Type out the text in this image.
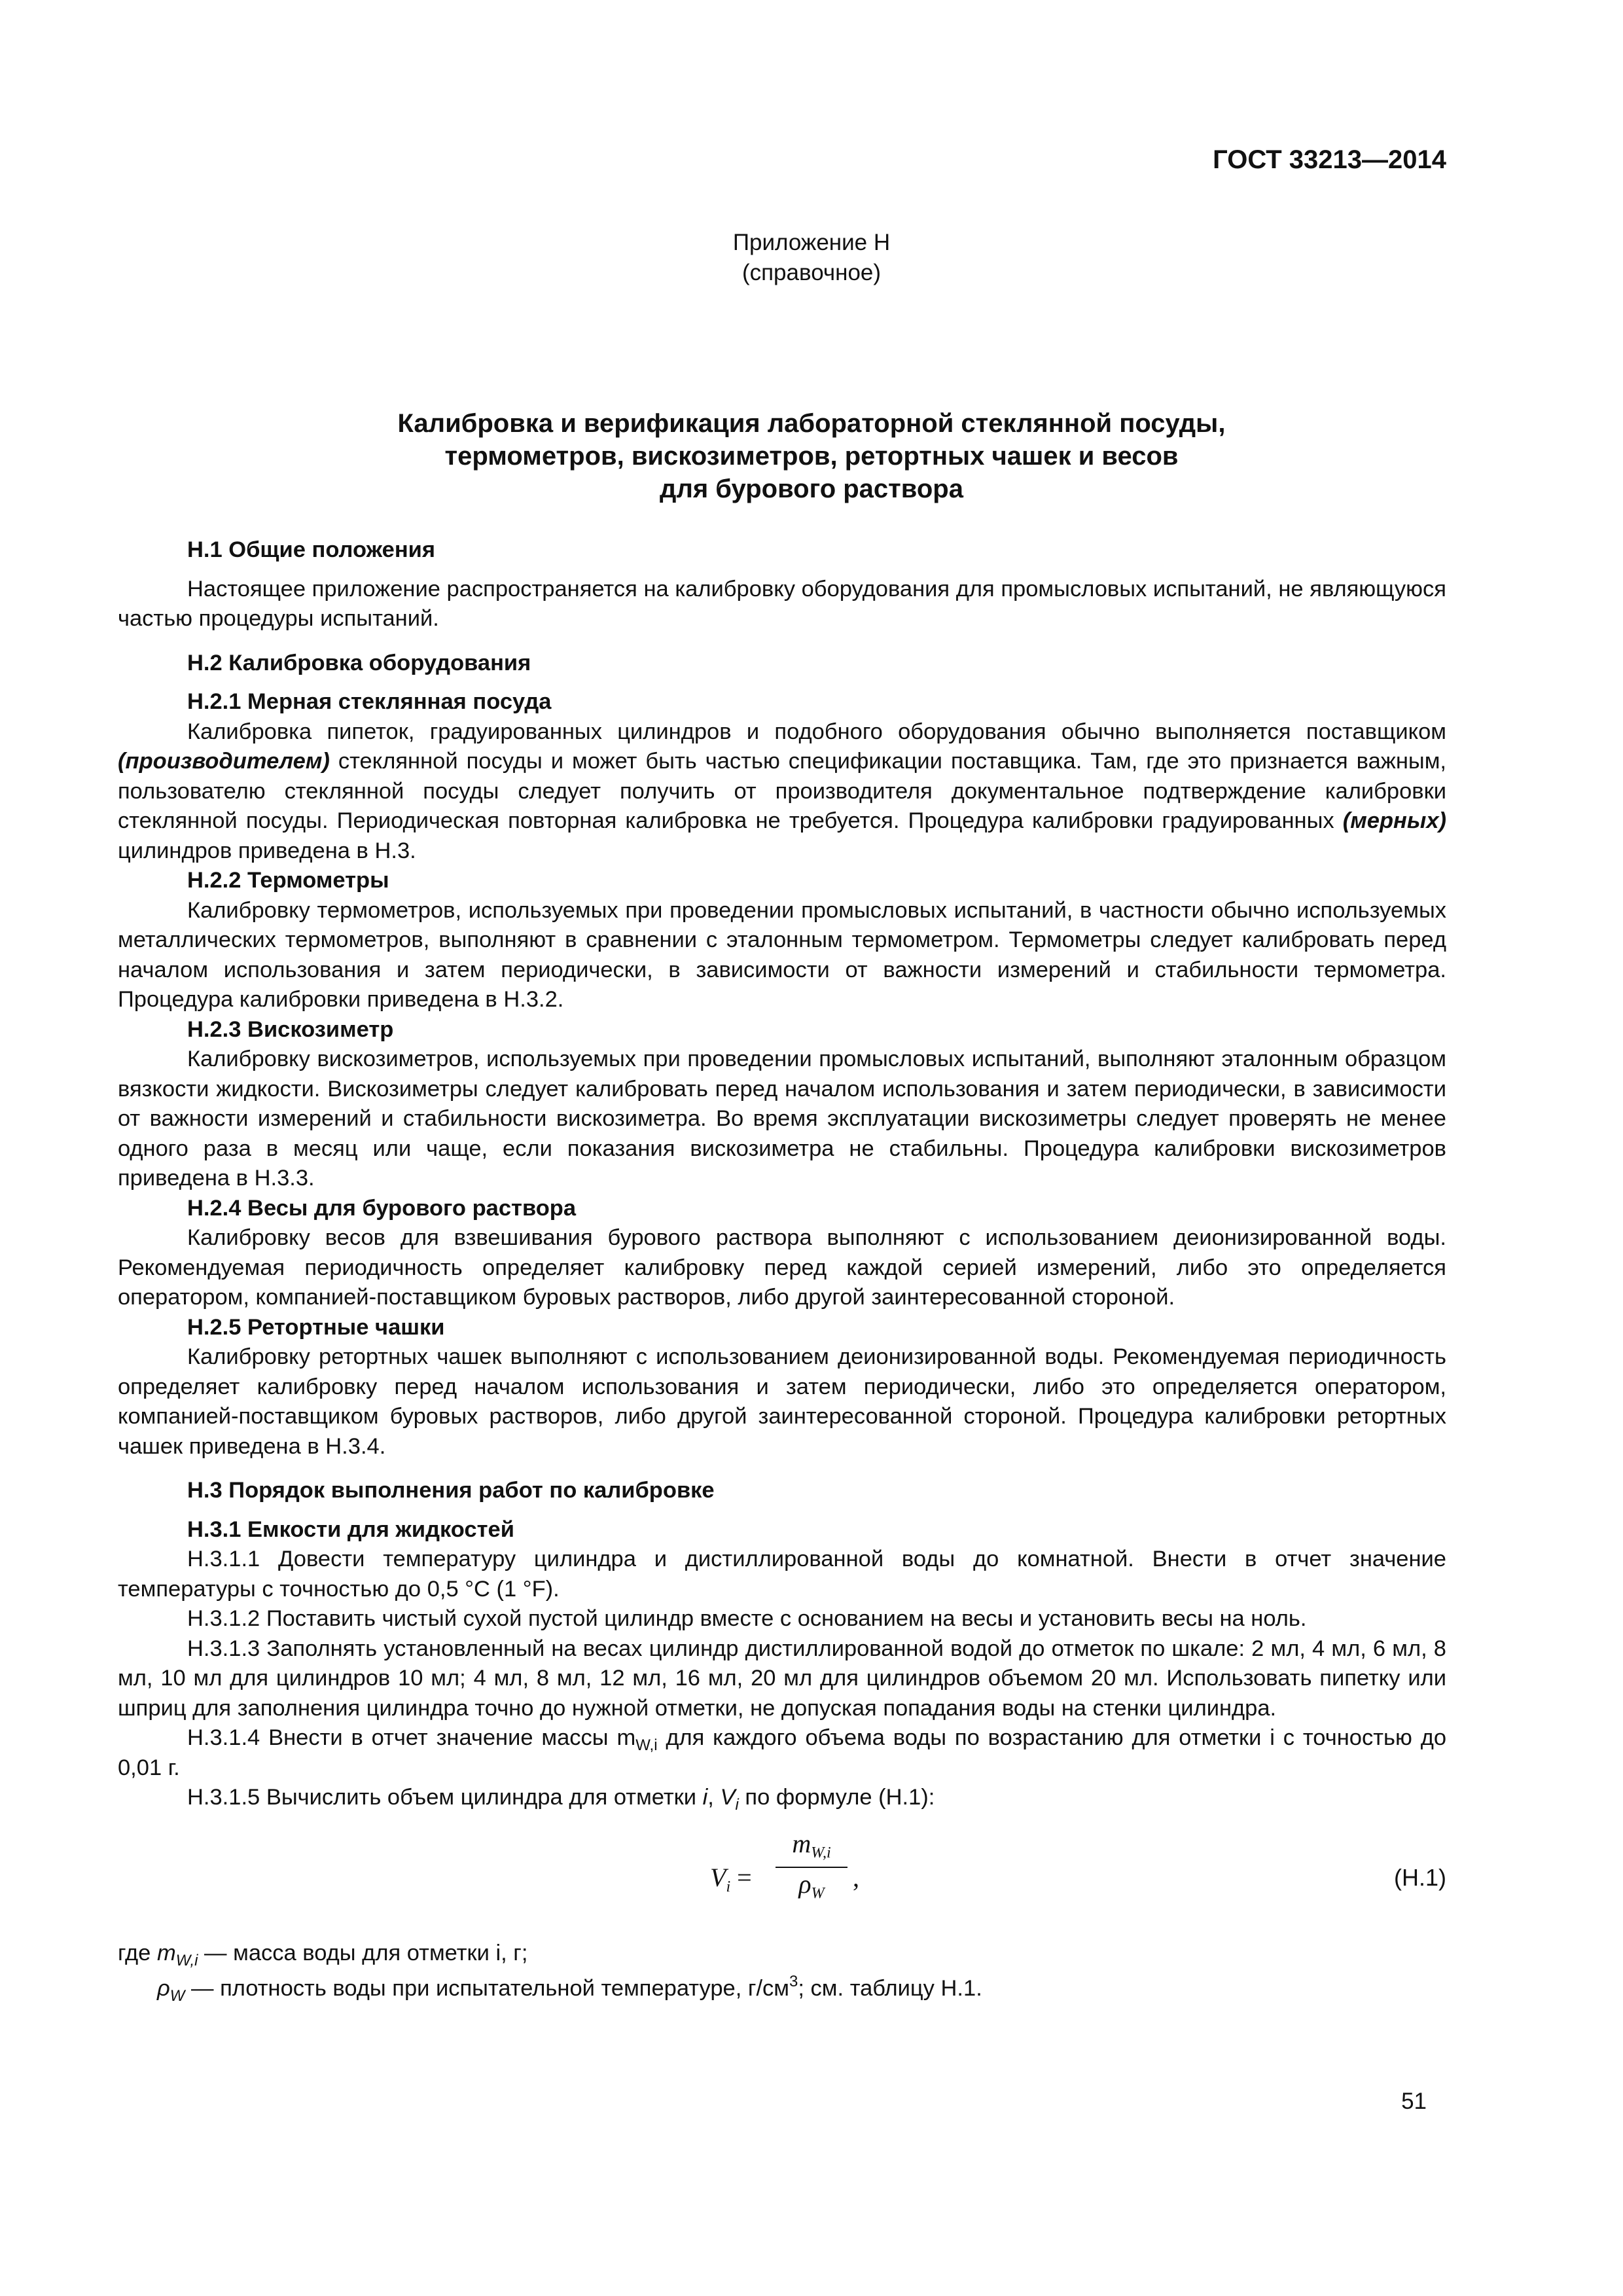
ГОСТ 33213—2014
Приложение Н
(справочное)
Калибровка и верификация лабораторной стеклянной посуды,
термометров, вискозиметров, ретортных чашек и весов
для бурового раствора
Н.1 Общие положения
Настоящее приложение распространяется на калибровку оборудования для промысловых испытаний, не являющуюся частью процедуры испытаний.
Н.2 Калибровка оборудования
Н.2.1 Мерная стеклянная посуда
Калибровка пипеток, градуированных цилиндров и подобного оборудования обычно выполняется поставщиком (производителем) стеклянной посуды и может быть частью спецификации поставщика. Там, где это признается важным, пользователю стеклянной посуды следует получить от производителя документальное подтверждение калибровки стеклянной посуды. Периодическая повторная калибровка не требуется. Процедура калибровки градуированных (мерных) цилиндров приведена в Н.3.
Н.2.2 Термометры
Калибровку термометров, используемых при проведении промысловых испытаний, в частности обычно используемых металлических термометров, выполняют в сравнении с эталонным термометром. Термометры следует калибровать перед началом использования и затем периодически, в зависимости от важности измерений и стабильности термометра. Процедура калибровки приведена в Н.3.2.
Н.2.3 Вискозиметр
Калибровку вискозиметров, используемых при проведении промысловых испытаний, выполняют эталонным образцом вязкости жидкости. Вискозиметры следует калибровать перед началом использования и затем периодически, в зависимости от важности измерений и стабильности вискозиметра. Во время эксплуатации вискозиметры следует проверять не менее одного раза в месяц или чаще, если показания вискозиметра не стабильны. Процедура калибровки вискозиметров приведена в Н.3.3.
Н.2.4 Весы для бурового раствора
Калибровку весов для взвешивания бурового раствора выполняют с использованием деионизированной воды. Рекомендуемая периодичность определяет калибровку перед каждой серией измерений, либо это определяется оператором, компанией-поставщиком буровых растворов, либо другой заинтересованной стороной.
Н.2.5 Ретортные чашки
Калибровку ретортных чашек выполняют с использованием деионизированной воды. Рекомендуемая периодичность определяет калибровку перед началом использования и затем периодически, либо это определяется оператором, компанией-поставщиком буровых растворов, либо другой заинтересованной стороной. Процедура калибровки ретортных чашек приведена в Н.3.4.
Н.3 Порядок выполнения работ по калибровке
Н.3.1 Емкости для жидкостей
Н.3.1.1 Довести температуру цилиндра и дистиллированной воды до комнатной. Внести в отчет значение температуры с точностью до 0,5 °С (1 °F).
Н.3.1.2 Поставить чистый сухой пустой цилиндр вместе с основанием на весы и установить весы на ноль.
Н.3.1.3 Заполнять установленный на весах цилиндр дистиллированной водой до отметок по шкале: 2 мл, 4 мл, 6 мл, 8 мл, 10 мл для цилиндров 10 мл; 4 мл, 8 мл, 12 мл, 16 мл, 20 мл для цилиндров объемом 20 мл. Использовать пипетку или шприц для заполнения цилиндра точно до нужной отметки, не допуская попадания воды на стенки цилиндра.
Н.3.1.4 Внести в отчет значение массы $m_{W,i}$ для каждого объема воды по возрастанию для отметки i с точностью до 0,01 г.
Н.3.1.5 Вычислить объем цилиндра для отметки i, $V_i$ по формуле (Н.1):
$V_i$ =
$m_{W,i}$
$\rho_W$
,	(Н.1)
где $m_{W,i}$ — масса воды для отметки i, г;
$\rho_W$ — плотность воды при испытательной температуре, $г/см^3$; см. таблицу Н.1.
51
